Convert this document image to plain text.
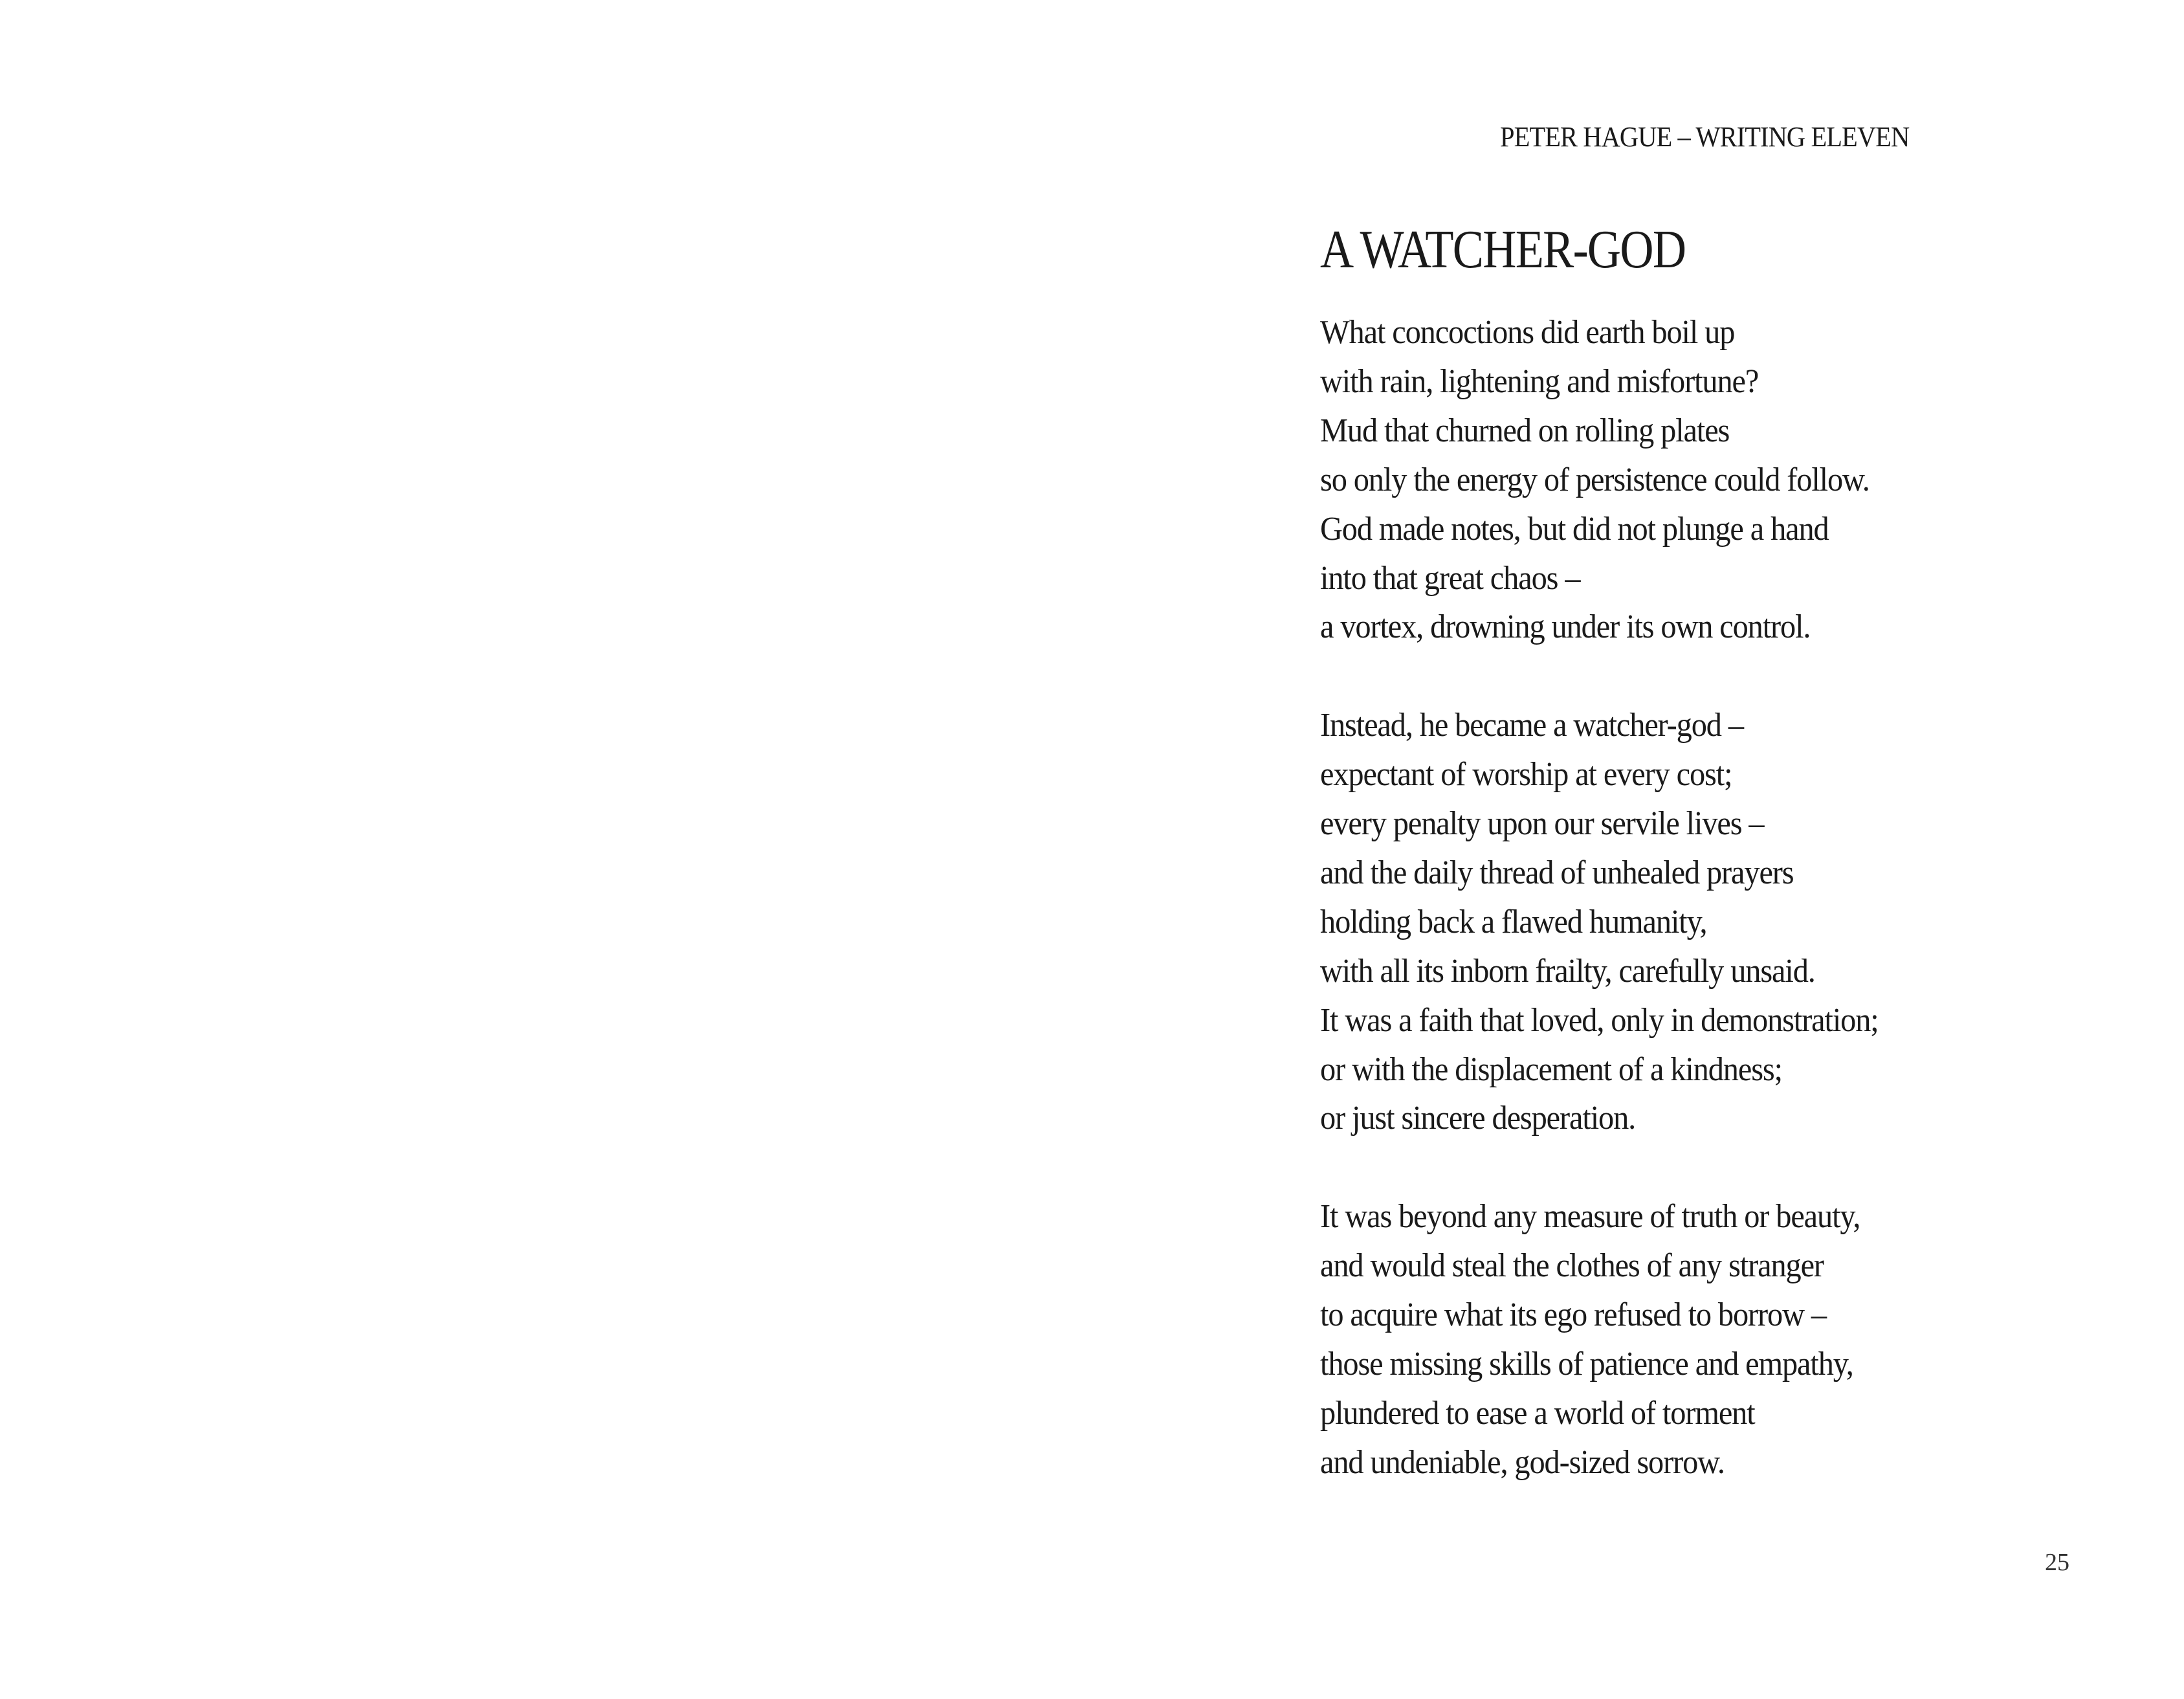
PETER HAGUE – WRITING ELEVEN
A WATCHER-GOD
What concoctions did earth boil up
with rain, lightening and misfortune?
Mud that churned on rolling plates
so only the energy of persistence could follow.
God made notes, but did not plunge a hand
into that great chaos –
a vortex, drowning under its own control.
Instead, he became a watcher-god –
expectant of worship at every cost;
every penalty upon our servile lives –
and the daily thread of unhealed prayers
holding back a flawed humanity,
with all its inborn frailty, carefully unsaid.
It was a faith that loved, only in demonstration;
or with the displacement of a kindness;
or just sincere desperation.
It was beyond any measure of truth or beauty,
and would steal the clothes of any stranger
to acquire what its ego refused to borrow –
those missing skills of patience and empathy,
plundered to ease a world of torment
and undeniable, god-sized sorrow.
25
